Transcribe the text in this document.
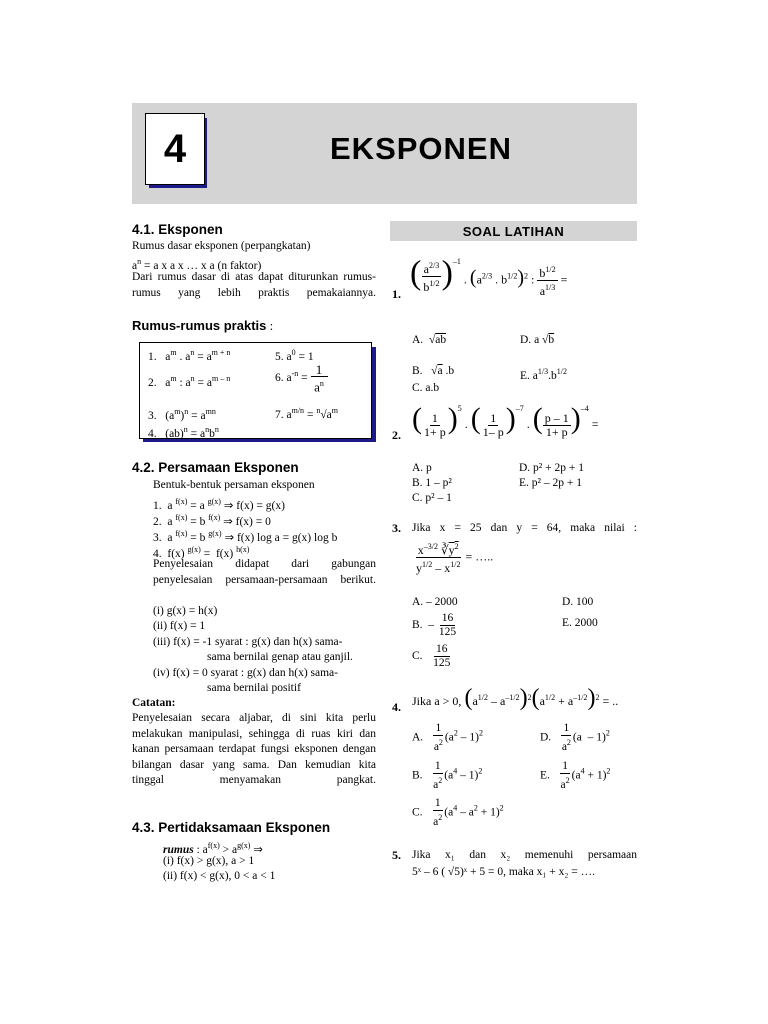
4	EKSPONEN
4.1. Eksponen
Rumus dasar eksponen (perpangkatan)
$a^n = a$ x a x … x a (n faktor)
Dari rumus dasar di atas dapat diturunkan rumus-rumus yang lebih praktis pemakaiannya.
Rumus-rumus praktis :
1.   $a^m$ . $a^n = a^{m + n}$
2.   $a^m$ : $a^n = a^{m - n}$
3.   $(a^m)^n = a^{mn}$
4.   $(ab)^n = a^nb^n$
5. $a^0 = 1$
6. $a^{-n} = \frac{1}{a^n}$
7. $a^{m/n} = ^n√a^m$
4.2. Persamaan Eksponen
Bentuk-bentuk persaman eksponen
1.  a $^{f(x)}$ = a $^{g(x)}$ ⇒ f(x) = g(x)
2.  a $^{f(x)}$ = b $^{f(x)}$ ⇒ f(x) = 0
3.  a $^{f(x)}$ = b $^{g(x)}$ ⇒ f(x) log a = g(x) log b
4.  f(x) $^{g(x)}$ =  f(x) $^{h(x)}$
Penyelesaian didapat dari gabungan penyelesaian persamaan-persamaan berikut.
(i) g(x) = h(x)
(ii) f(x) = 1
(iii) f(x) = -1 syarat : g(x) dan h(x) sama-
sama bernilai genap atau ganjil.
(iv) f(x) = 0 syarat : g(x) dan h(x) sama-
sama bernilai positif
Catatan:
Penyelesaian secara aljabar, di sini kita perlu melakukan manipulasi, sehingga di ruas kiri dan kanan persamaan terdapat fungsi eksponen dengan bilangan dasar yang sama. Dan kemudian kita tinggal menyamakan pangkat.
4.3. Pertidaksamaan Eksponen
rumus : $a^{f(x)} > a^{g(x)}$ ⇒
(i) f(x) > g(x), a > 1
(ii) f(x) < g(x), 0 < a < 1
SOAL LATIHAN
1.
( $\frac{a^{2/3}}{b^{1/2}} )^{-1}$ . ($a^{2/3}$ . $b^{1/2})^2$ : $\frac{b^{1/2}}{a^{1/3}}$ =
A.  √ab	D. a √b
B.   √a .b	E. $a^{1/3}.b^{1/2}$
C. a.b
2. ( $\frac{1}{1+ p} )^5$ . ( $\frac{1}{1- p} )^{-7}$ . ( $\frac{p - 1}{1+ p} )^{-4}$ =
A. p	D. p² + 2p + 1
B. 1 – p²	E. p² – 2p + 1
C. p² – 1
3. Jika x = 25 dan y = 64, maka nilai :
$\frac{x^{-3/2} ∛y^2}{y^{1/2} - x^{1/2}}$ = …..
A. – 2000	D. 100
B.  – $\frac{16}{125}$	E. 2000
C. $\frac{16}{125}$
4. Jika a > 0, $(a^{1/2} - a^{-1/2})^2(a^{1/2} + a^{-1/2})^2$ = ..
A. $\frac{1}{a^2} (a^2 - 1)^2$	D. $\frac{1}{a^2} (a - 1)^2$
B. $\frac{1}{a^2} (a^4 - 1)^2$	E. $\frac{1}{a^2} (a^4 + 1)^2$
C. $\frac{1}{a^2} (a^4 - a^2 + 1)^2$
5. Jika x₁ dan x₂ memenuhi persamaan
5ˣ – 6 ( √5)ˣ + 5 = 0, maka x₁ + x₂ = ….
